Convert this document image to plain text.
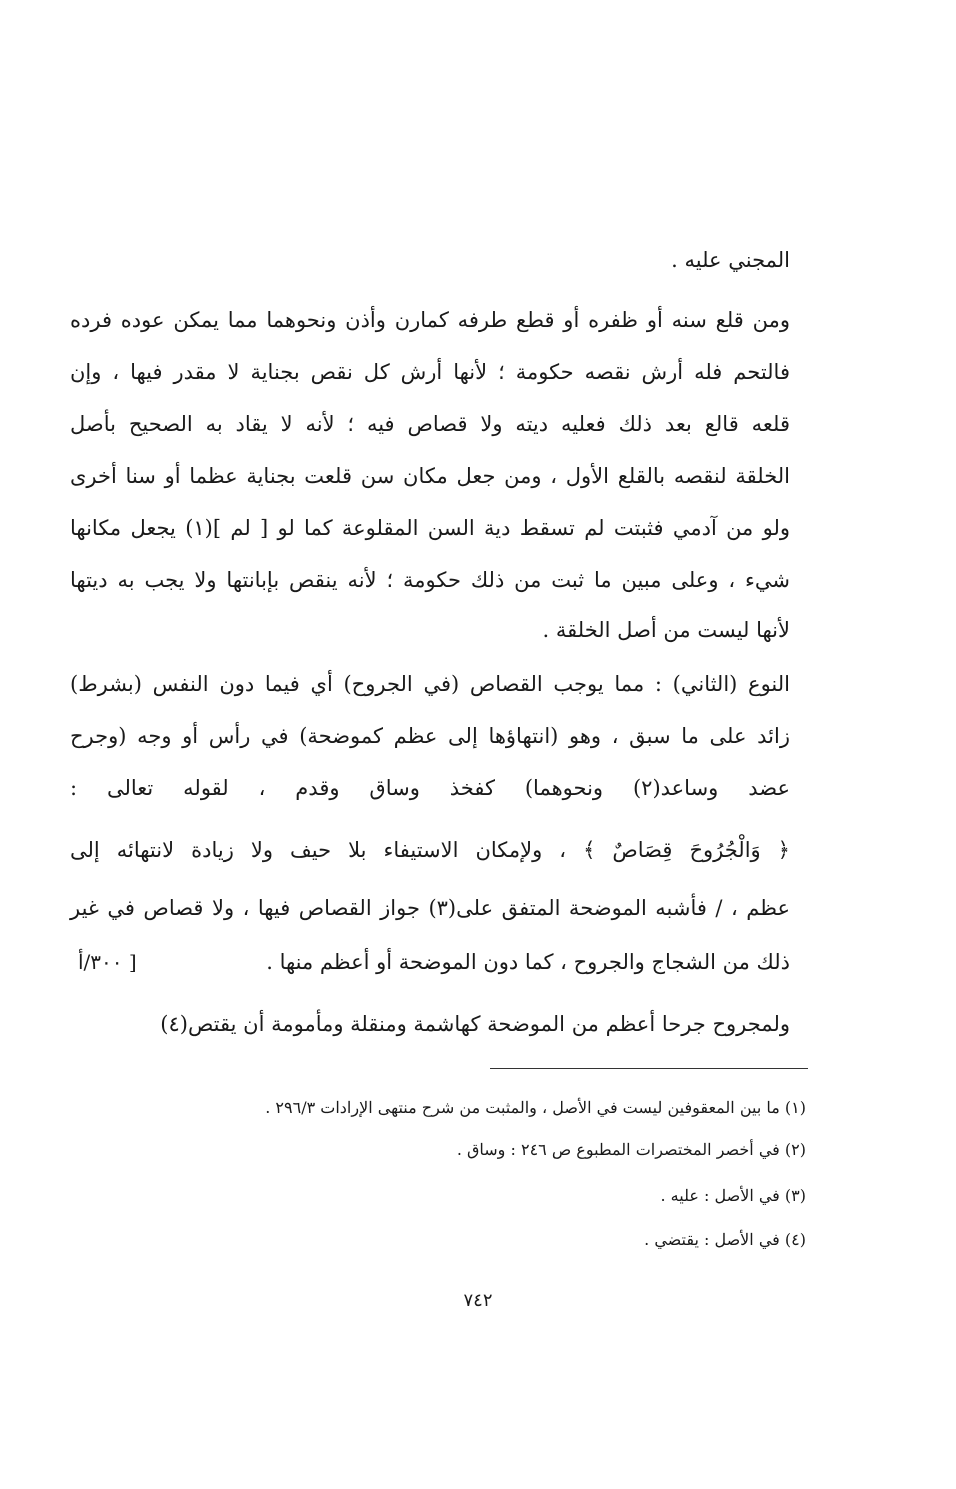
المجني عليه .
ومن قلع سنه أو ظفره أو قطع طرفه كمارن وأذن ونحوهما مما يمكن عوده فرده
فالتحم فله أرش نقصه حكومة ؛ لأنها أرش كل نقص بجناية لا مقدر فيها ، وإن
قلعه قالع بعد ذلك فعليه ديته ولا قصاص فيه ؛ لأنه لا يقاد به الصحيح بأصل
الخلقة لنقصه بالقلع الأول ، ومن جعل مكان سن قلعت بجناية عظما أو سنا أخرى
ولو من آدمي فثبتت لم تسقط دية السن المقلوعة كما لو [ لم ](١) يجعل مكانها
شيء ، وعلى مبين ما ثبت من ذلك حكومة ؛ لأنه ينقص بإبانتها ولا يجب به ديتها
لأنها ليست من أصل الخلقة .
النوع (الثاني) : مما يوجب القصاص (في الجروح) أي فيما دون النفس (بشرط)
زائد على ما سبق ، وهو (انتهاؤها إلى عظم كموضحة) في رأس أو وجه (وجرح
عضد وساعد(٢) ونحوهما) كفخذ وساق وقدم ، لقوله تعالى :
﴿ وَالْجُرُوحَ قِصَاصٌ ﴾ ، ولإمكان الاستيفاء بلا حيف ولا زيادة لانتهائه إلى
عظم ، / فأشبه الموضحة المتفق على(٣) جواز القصاص فيها ، ولا قصاص في غير
ذلك من الشجاج والجروح ، كما دون الموضحة أو أعظم منها .
[ ٣٠٠/أ
ولمجروح جرحا أعظم من الموضحة كهاشمة ومنقلة ومأمومة أن يقتص(٤)
(١) ما بين المعقوفين ليست في الأصل ، والمثبت من شرح منتهى الإرادات ٢٩٦/٣ .
(٢) في أخصر المختصرات المطبوع ص ٢٤٦ : وساق .
(٣) في الأصل : عليه .
(٤) في الأصل : يقتضي .
٧٤٢
